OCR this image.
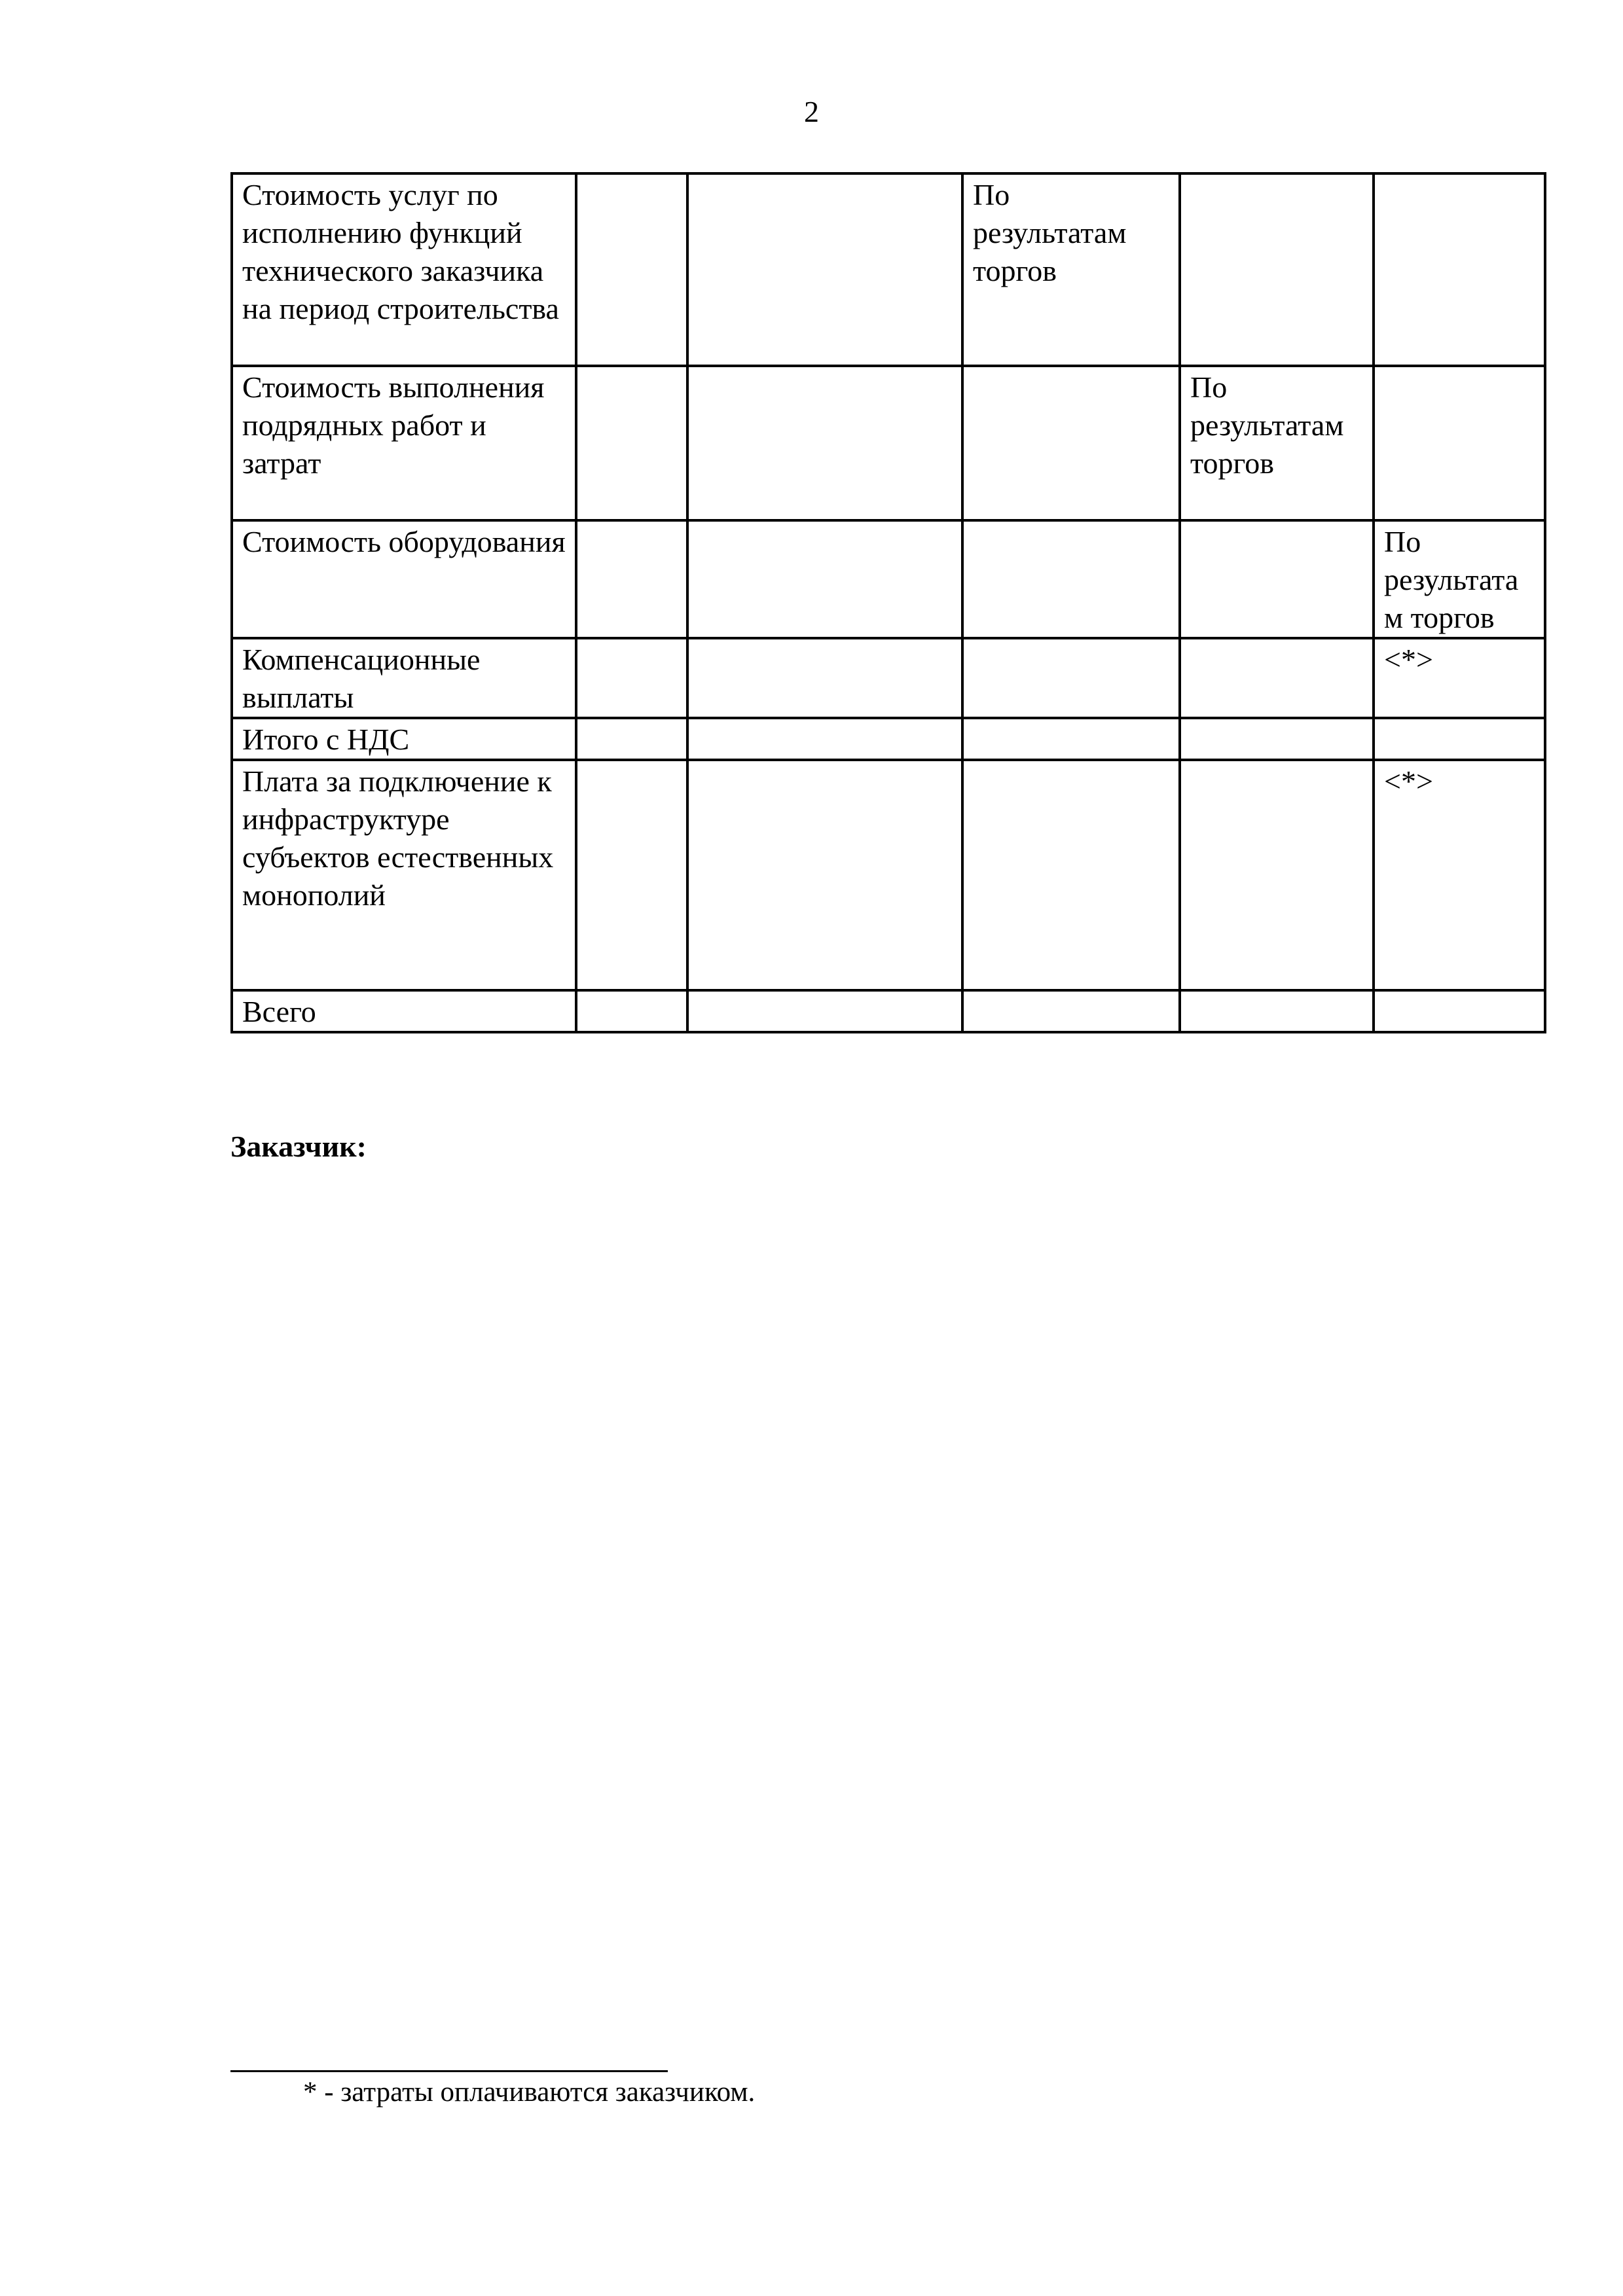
2
Стоимость услуг по исполнению функций технического заказчика на период строительства			По результатам торгов		
Стоимость выполнения подрядных работ и затрат				По результатам торгов	
Стоимость оборудования					По результатам торгов
Компенсационные выплаты					<*>
Итого с НДС					
Плата за подключение к инфраструктуре субъектов естественных монополий					<*>
Всего					
Заказчик:
* - затраты оплачиваются заказчиком.
